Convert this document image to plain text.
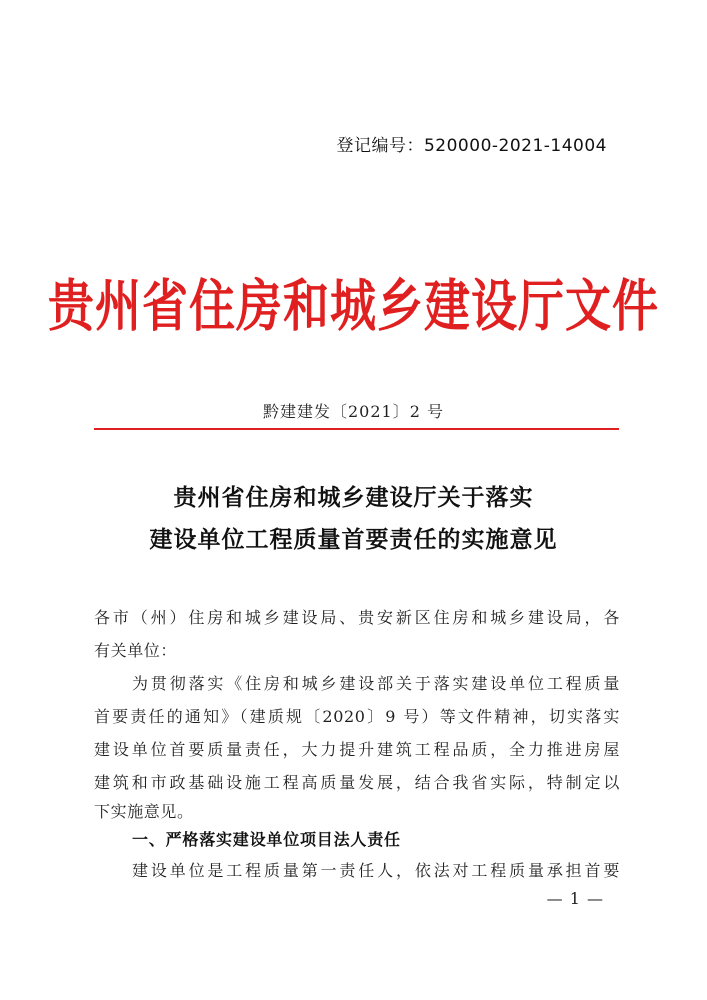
登记编号：520000-2021-14004
贵州省住房和城乡建设厅文件
黔建建发〔2021〕2 号
贵州省住房和城乡建设厅关于落实
建设单位工程质量首要责任的实施意见
各市（州）住房和城乡建设局、贵安新区住房和城乡建设局，各
有关单位：
为贯彻落实《住房和城乡建设部关于落实建设单位工程质量
首要责任的通知》（建质规〔2020〕9 号）等文件精神，切实落实
建设单位首要质量责任，大力提升建筑工程品质，全力推进房屋
建筑和市政基础设施工程高质量发展，结合我省实际，特制定以
下实施意见。
一、严格落实建设单位项目法人责任
建设单位是工程质量第一责任人，依法对工程质量承担首要
— 1 —
